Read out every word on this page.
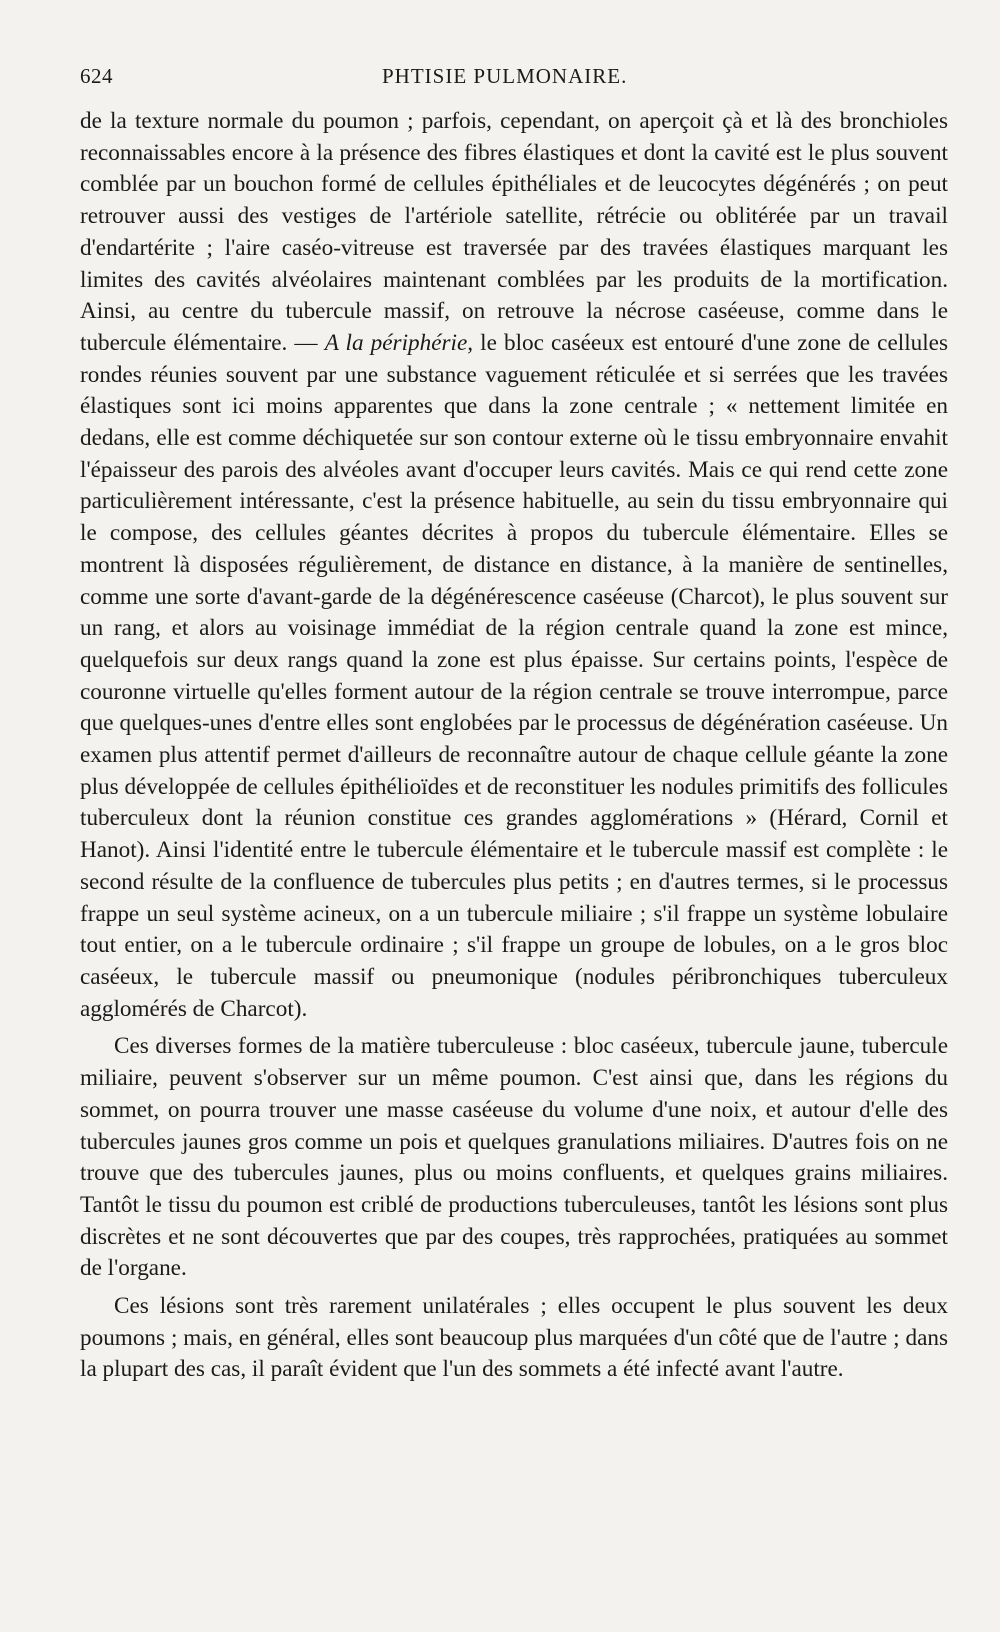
624	PHTISIE PULMONAIRE.

de la texture normale du poumon ; parfois, cependant, on aperçoit çà et là des bronchioles reconnaissables encore à la présence des fibres élastiques et dont la cavité est le plus souvent comblée par un bouchon formé de cellules épithéliales et de leucocytes dégénérés ; on peut retrouver aussi des vestiges de l'artériole satellite, rétrécie ou oblitérée par un travail d'endartérite ; l'aire caséo-vitreuse est traversée par des travées élastiques marquant les limites des cavités alvéolaires maintenant comblées par les produits de la mortification. Ainsi, au centre du tubercule massif, on retrouve la nécrose caséeuse, comme dans le tubercule élémentaire. — A la périphérie, le bloc caséeux est entouré d'une zone de cellules rondes réunies souvent par une substance vaguement réticulée et si serrées que les travées élastiques sont ici moins apparentes que dans la zone centrale ; « nettement limitée en dedans, elle est comme déchiquetée sur son contour externe où le tissu embryonnaire envahit l'épaisseur des parois des alvéoles avant d'occuper leurs cavités. Mais ce qui rend cette zone particulièrement intéressante, c'est la présence habituelle, au sein du tissu embryonnaire qui le compose, des cellules géantes décrites à propos du tubercule élémentaire. Elles se montrent là disposées régulièrement, de distance en distance, à la manière de sentinelles, comme une sorte d'avant-garde de la dégénérescence caséeuse (Charcot), le plus souvent sur un rang, et alors au voisinage immédiat de la région centrale quand la zone est mince, quelquefois sur deux rangs quand la zone est plus épaisse. Sur certains points, l'espèce de couronne virtuelle qu'elles forment autour de la région centrale se trouve interrompue, parce que quelques-unes d'entre elles sont englobées par le processus de dégénération caséeuse. Un examen plus attentif permet d'ailleurs de reconnaître autour de chaque cellule géante la zone plus développée de cellules épithélioïdes et de reconstituer les nodules primitifs des follicules tuberculeux dont la réunion constitue ces grandes agglomérations » (Hérard, Cornil et Hanot). Ainsi l'identité entre le tubercule élémentaire et le tubercule massif est complète : le second résulte de la confluence de tubercules plus petits ; en d'autres termes, si le processus frappe un seul système acineux, on a un tubercule miliaire ; s'il frappe un système lobulaire tout entier, on a le tubercule ordinaire ; s'il frappe un groupe de lobules, on a le gros bloc caséeux, le tubercule massif ou pneumonique (nodules péribronchiques tuberculeux agglomérés de Charcot).

Ces diverses formes de la matière tuberculeuse : bloc caséeux, tubercule jaune, tubercule miliaire, peuvent s'observer sur un même poumon. C'est ainsi que, dans les régions du sommet, on pourra trouver une masse caséeuse du volume d'une noix, et autour d'elle des tubercules jaunes gros comme un pois et quelques granulations miliaires. D'autres fois on ne trouve que des tubercules jaunes, plus ou moins confluents, et quelques grains miliaires. Tantôt le tissu du poumon est criblé de productions tuberculeuses, tantôt les lésions sont plus discrètes et ne sont découvertes que par des coupes, très rapprochées, pratiquées au sommet de l'organe.

Ces lésions sont très rarement unilatérales ; elles occupent le plus souvent les deux poumons ; mais, en général, elles sont beaucoup plus marquées d'un côté que de l'autre ; dans la plupart des cas, il paraît évident que l'un des sommets a été infecté avant l'autre.
